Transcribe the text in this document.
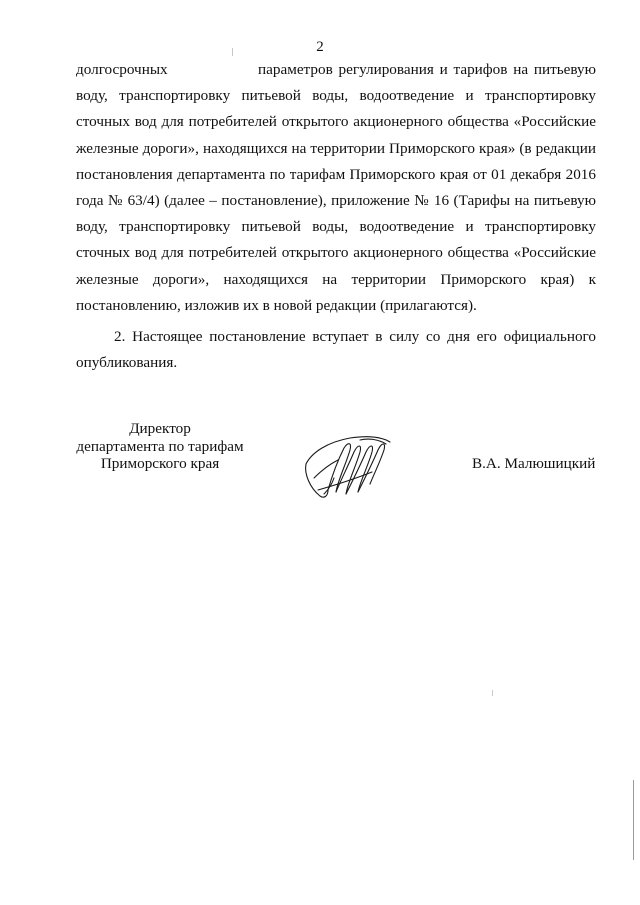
2
долгосрочных	параметров регулирования и тарифов на питьевую
воду, транспортировку питьевой воды, водоотведение и транспортировку
сточных вод для потребителей открытого акционерного общества «Российские
железные дороги», находящихся на территории Приморского края» (в редакции
постановления департамента по тарифам Приморского края от 01 декабря 2016
года № 63/4) (далее – постановление), приложение № 16 (Тарифы на питьевую
воду, транспортировку питьевой воды, водоотведение и транспортировку
сточных вод для потребителей открытого акционерного общества «Российские
железные дороги», находящихся на территории Приморского края) к
постановлению, изложив их в новой редакции (прилагаются).
2. Настоящее постановление вступает в силу со дня его официального
опубликования.
Директор
департамента по тарифам
Приморского края	В.А. Малюшицкий
